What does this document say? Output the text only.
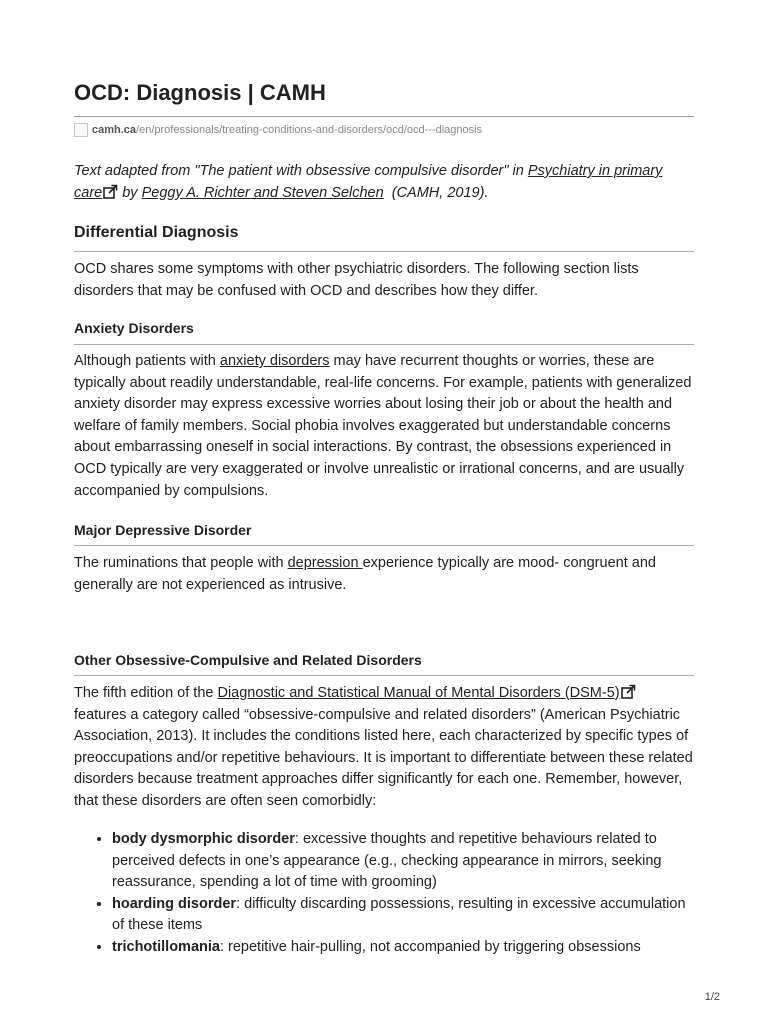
OCD: Diagnosis | CAMH
camh.ca /en/professionals/treating-conditions-and-disorders/ocd/ocd---diagnosis

Text adapted from "The patient with obsessive compulsive disorder" in Psychiatry in primary
care by Peggy A. Richter and Steven Selchen  (CAMH, 2019).

Differential Diagnosis

OCD shares some symptoms with other psychiatric disorders. The following section lists disorders that may be confused with OCD and describes how they differ.

Anxiety Disorders

Although patients with anxiety disorders may have recurrent thoughts or worries, these are typically about readily understandable, real-life concerns. For example, patients with generalized anxiety disorder may express excessive worries about losing their job or about the health and welfare of family members. Social phobia involves exaggerated but understandable concerns about embarrassing oneself in social interactions. By contrast, the obsessions experienced in OCD typically are very exaggerated or involve unrealistic or irrational concerns, and are usually accompanied by compulsions.

Major Depressive Disorder

The ruminations that people with depression experience typically are mood- congruent and generally are not experienced as intrusive.

Other Obsessive-Compulsive and Related Disorders

The fifth edition of the Diagnostic and Statistical Manual of Mental Disorders (DSM-5)
features a category called “obsessive-compulsive and related disorders” (American Psychiatric Association, 2013). It includes the conditions listed here, each characterized by specific types of preoccupations and/or repetitive behaviours. It is important to differentiate between these related disorders because treatment approaches differ significantly for each one. Remember, however, that these disorders are often seen comorbidly:

• body dysmorphic disorder: excessive thoughts and repetitive behaviours related to perceived defects in one’s appearance (e.g., checking appearance in mirrors, seeking reassurance, spending a lot of time with grooming)
• hoarding disorder: difficulty discarding possessions, resulting in excessive accumulation of these items
• trichotillomania: repetitive hair-pulling, not accompanied by triggering obsessions
1/2
